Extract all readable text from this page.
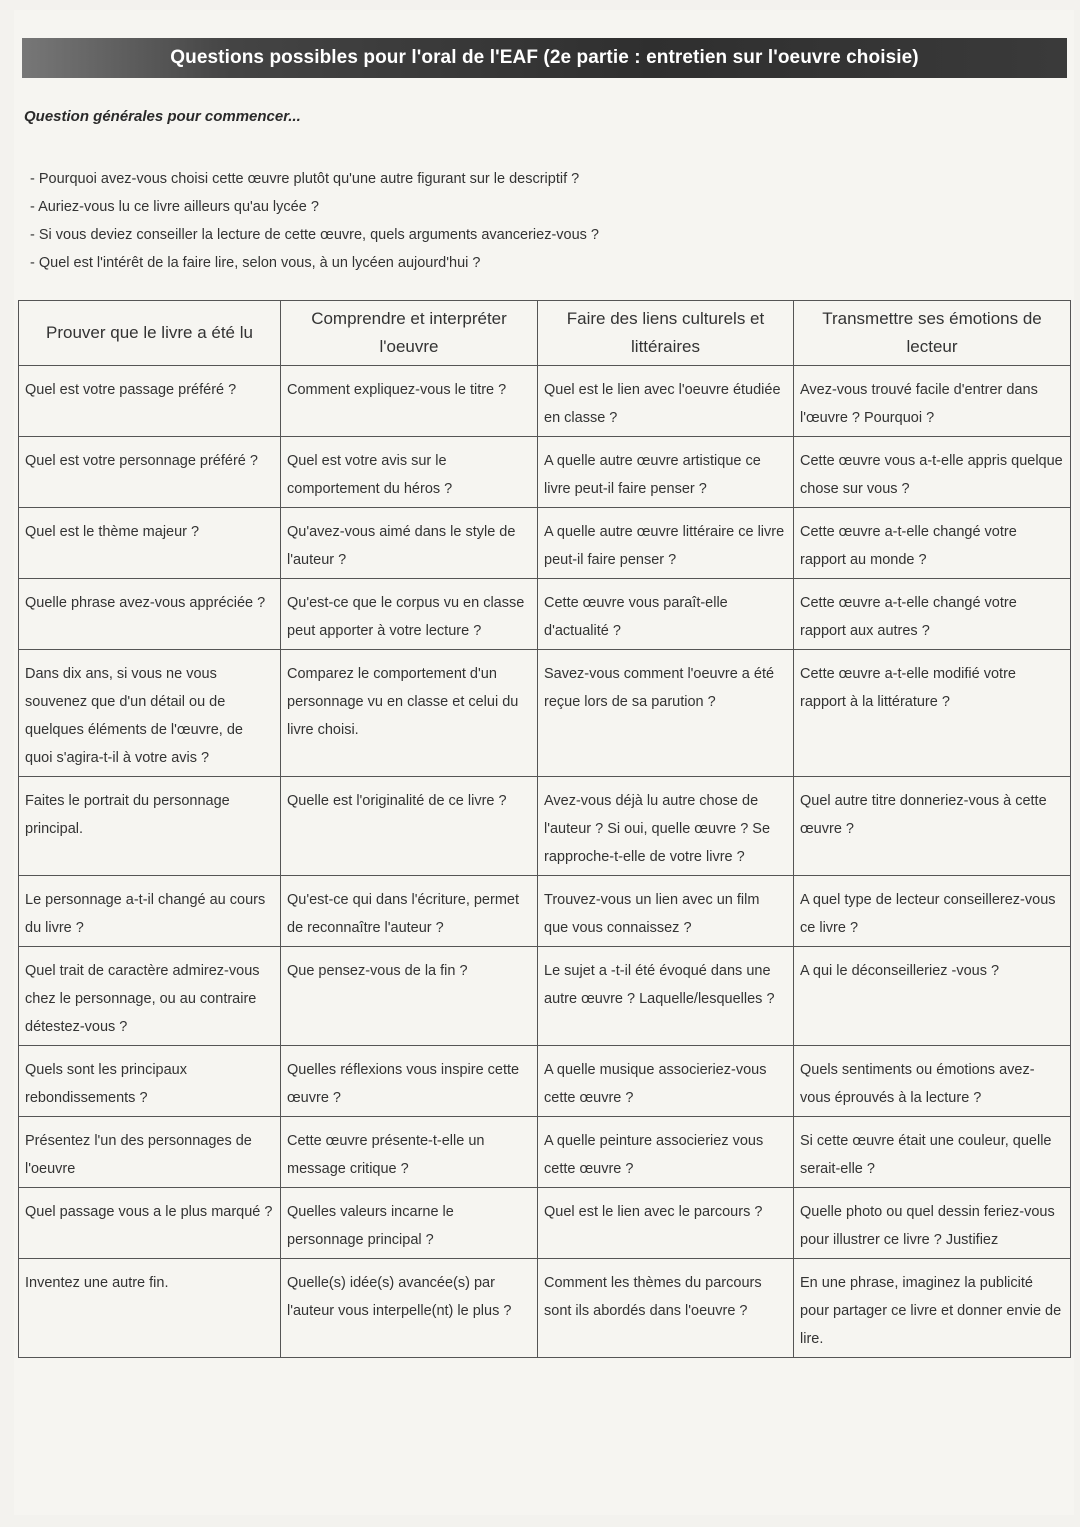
Questions possibles pour l'oral de l'EAF (2e partie : entretien sur l'oeuvre choisie)
Question générales pour commencer...
- Pourquoi avez-vous choisi cette œuvre plutôt qu'une autre figurant sur le descriptif ?
- Auriez-vous lu ce livre ailleurs qu'au lycée ?
- Si vous deviez conseiller la lecture de cette œuvre, quels arguments avanceriez-vous ?
- Quel est l'intérêt de la faire lire, selon vous, à un lycéen aujourd'hui ?
Prouver que le livre a été lu	Comprendre et interpréter l'oeuvre	Faire des liens culturels et littéraires	Transmettre ses émotions de lecteur
Quel est votre passage préféré ?	Comment expliquez-vous le titre ?	Quel est le lien avec l'oeuvre étudiée en classe ?	Avez-vous trouvé facile d'entrer dans l'œuvre ? Pourquoi ?
Quel est votre personnage préféré ?	Quel est votre avis sur le comportement du héros ?	A quelle autre œuvre artistique ce livre peut-il faire penser ?	Cette œuvre vous a-t-elle appris quelque chose sur vous ?
Quel est le thème majeur ?	Qu'avez-vous aimé dans le style de l'auteur ?	A quelle autre œuvre littéraire ce livre peut-il faire penser ?	Cette œuvre a-t-elle changé votre rapport au monde ?
Quelle phrase avez-vous appréciée ?	Qu'est-ce que le corpus vu en classe peut apporter à votre lecture ?	Cette œuvre vous paraît-elle d'actualité ?	Cette œuvre a-t-elle changé votre rapport aux autres ?
Dans dix ans, si vous ne vous souvenez que d'un détail ou de quelques éléments de l'œuvre, de quoi s'agira-t-il à votre avis ?	Comparez le comportement d'un personnage vu en classe et celui du livre choisi.	Savez-vous comment l'oeuvre a été reçue lors de sa parution ?	Cette œuvre a-t-elle modifié votre rapport à la littérature ?
Faites le portrait du personnage principal.	Quelle est l'originalité de ce livre ?	Avez-vous déjà lu autre chose de l'auteur ? Si oui, quelle œuvre ? Se rapproche-t-elle de votre livre ?	Quel autre titre donneriez-vous à cette œuvre ?
Le personnage a-t-il changé au cours du livre ?	Qu'est-ce qui dans l'écriture, permet de reconnaître l'auteur ?	Trouvez-vous un lien avec un film que vous connaissez ?	A quel type de lecteur conseillerez-vous ce livre ?
Quel trait de caractère admirez-vous chez le personnage, ou au contraire détestez-vous ?	Que pensez-vous de la fin ?	Le sujet a -t-il été évoqué dans une autre œuvre ? Laquelle/lesquelles ?	A qui le déconseilleriez -vous ?
Quels sont les principaux rebondissements ?	Quelles réflexions vous inspire cette œuvre ?	A quelle musique associeriez-vous cette œuvre ?	Quels sentiments ou émotions avez-vous éprouvés à la lecture ?
Présentez l'un des personnages de l'oeuvre	Cette œuvre présente-t-elle un message critique ?	A quelle peinture associeriez vous cette œuvre ?	Si cette œuvre était une couleur, quelle serait-elle ?
Quel passage vous a le plus marqué ?	Quelles valeurs incarne le personnage principal ?	Quel est le lien avec le parcours ?	Quelle photo ou quel dessin feriez-vous pour illustrer ce livre ? Justifiez
Inventez une autre fin.	Quelle(s) idée(s) avancée(s) par l'auteur vous interpelle(nt) le plus ?	Comment les thèmes du parcours sont ils abordés dans l'oeuvre ?	En une phrase, imaginez la publicité pour partager ce livre et donner envie de lire.
